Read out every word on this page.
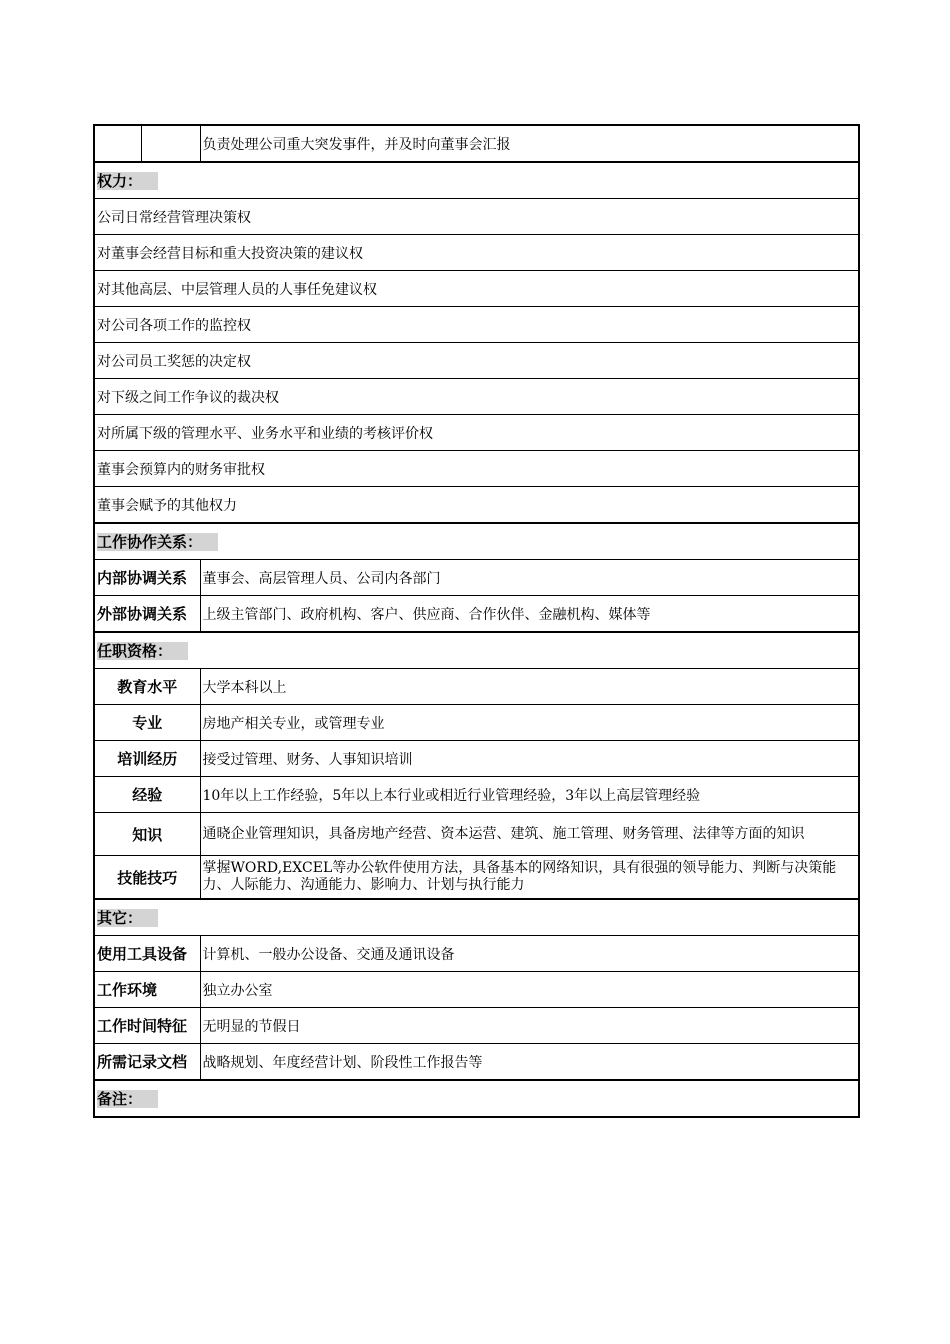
		负责处理公司重大突发事件，并及时向董事会汇报
权力：		
公司日常经营管理决策权		
对董事会经营目标和重大投资决策的建议权		
对其他高层、中层管理人员的人事任免建议权		
对公司各项工作的监控权		
对公司员工奖惩的决定权		
对下级之间工作争议的裁决权		
对所属下级的管理水平、业务水平和业绩的考核评价权		
董事会预算内的财务审批权		
董事会赋予的其他权力		
工作协作关系：		
内部协调关系		董事会、高层管理人员、公司内各部门
外部协调关系		上级主管部门、政府机构、客户、供应商、合作伙伴、金融机构、媒体等
任职资格：		
教育水平		大学本科以上
专业		房地产相关专业，或管理专业
培训经历		接受过管理、财务、人事知识培训
经验		10年以上工作经验，5年以上本行业或相近行业管理经验，3年以上高层管理经验
知识		通晓企业管理知识，具备房地产经营、资本运营、建筑、施工管理、财务管理、法律等方面的知识
技能技巧		掌握WORD,EXCEL等办公软件使用方法，具备基本的网络知识，具有很强的领导能力、判断与决策能力、人际能力、沟通能力、影响力、计划与执行能力
其它：		
使用工具设备		计算机、一般办公设备、交通及通讯设备
工作环境		独立办公室
工作时间特征		无明显的节假日
所需记录文档		战略规划、年度经营计划、阶段性工作报告等
备注：		
